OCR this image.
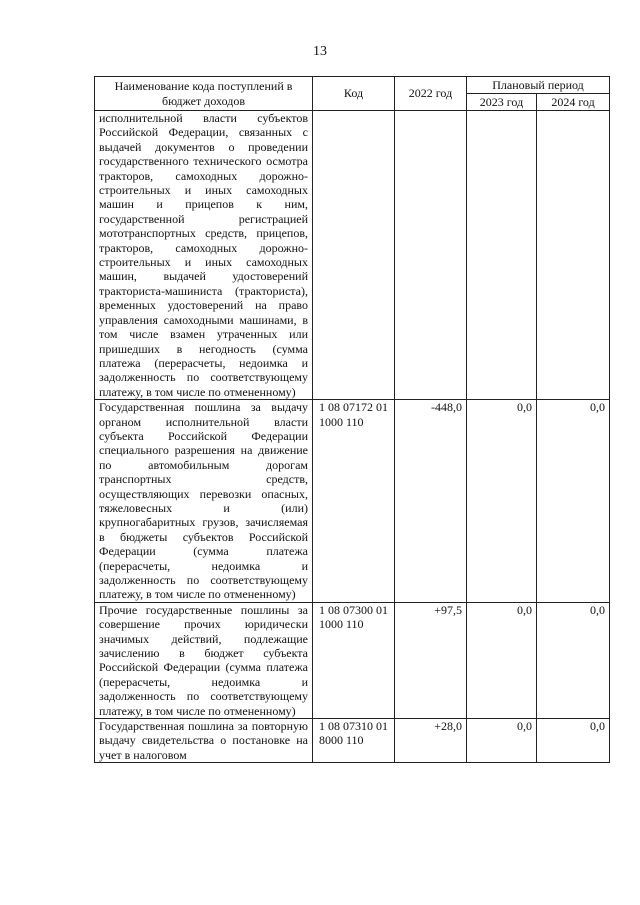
13
Наименование кода поступлений в бюджет доходов	Код	2022 год	Плановый период	
			2023 год	2024 год
исполнительной власти субъектов Российской Федерации, связанных с выдачей документов о проведении государственного технического осмотра тракторов, самоходных дорожно-строительных и иных самоходных машин и прицепов к ним, государственной регистрацией мототранспортных средств, прицепов, тракторов, самоходных дорожно-строительных и иных самоходных машин, выдачей удостоверений тракториста-машиниста (тракториста), временных удостоверений на право управления самоходными машинами, в том числе взамен утраченных или пришедших в негодность (сумма платежа (перерасчеты, недоимка и задолженность по соответствующему платежу, в том числе по отмененному)				
Государственная пошлина за выдачу органом исполнительной власти субъекта Российской Федерации специального разрешения на движение по автомобильным дорогам транспортных средств, осуществляющих перевозки опасных, тяжеловесных и (или) крупногабаритных грузов, зачисляемая в бюджеты субъектов Российской Федерации (сумма платежа (перерасчеты, недоимка и задолженность по соответствующему платежу, в том числе по отмененному)	1 08 07172 01 1000 110	-448,0	0,0	0,0
Прочие государственные пошлины за совершение прочих юридически значимых действий, подлежащие зачислению в бюджет субъекта Российской Федерации (сумма платежа (перерасчеты, недоимка и задолженность по соответствующему платежу, в том числе по отмененному)	1 08 07300 01 1000 110	+97,5	0,0	0,0
Государственная пошлина за повторную выдачу свидетельства о постановке на учет в налоговом	1 08 07310 01 8000 110	+28,0	0,0	0,0
